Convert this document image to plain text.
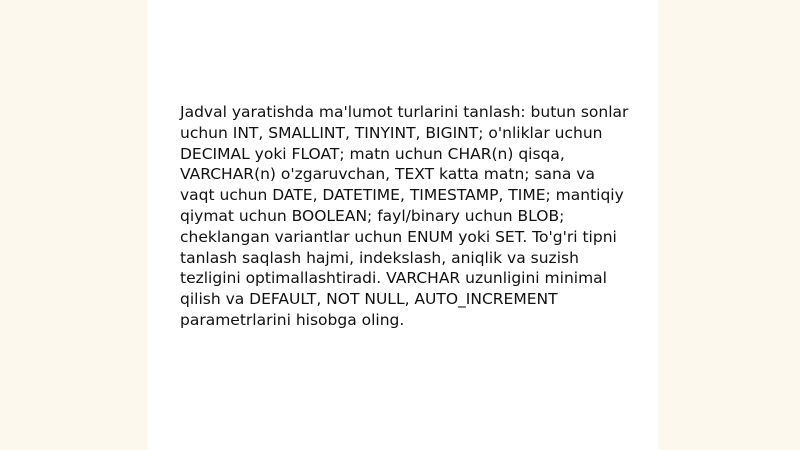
Jadval yaratishda ma'lumot turlarini tanlash: butun sonlar uchun INT, SMALLINT, TINYINT, BIGINT; o'nliklar uchun DECIMAL yoki FLOAT; matn uchun CHAR(n) qisqa, VARCHAR(n) o'zgaruvchan, TEXT katta matn; sana va vaqt uchun DATE, DATETIME, TIMESTAMP, TIME; mantiqiy qiymat uchun BOOLEAN; fayl/binary uchun BLOB; cheklangan variantlar uchun ENUM yoki SET. To'g'ri tipni tanlash saqlash hajmi, indekslash, aniqlik va suzish tezligini optimallashtiradi. VARCHAR uzunligini minimal qilish va DEFAULT, NOT NULL, AUTO_INCREMENT parametrlarini hisobga oling.
